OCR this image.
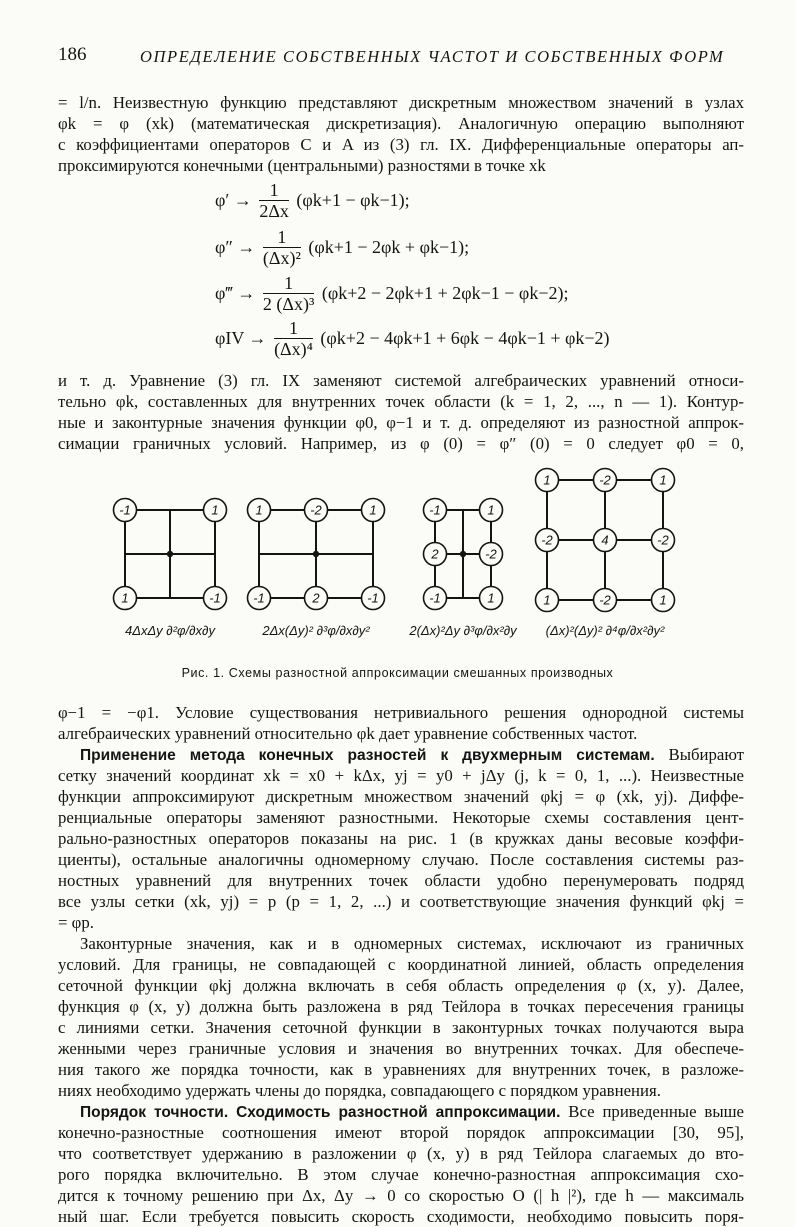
186	ОПРЕДЕЛЕНИЕ СОБСТВЕННЫХ ЧАСТОТ И СОБСТВЕННЫХ ФОРМ
= l/n. Неизвестную функцию представляют дискретным множеством значений в узлах
φk = φ (xk) (математическая дискретизация). Аналогичную операцию выполняют
с коэффициентами операторов C и A из (3) гл. IX. Дифференциальные операторы ап-
проксимируются конечными (центральными) разностями в точке xk
$\varphi' \to \frac{1}{2\Delta x} (\varphi k+1 - \varphi k-1)$;
$\varphi'' \to \frac{1}{\text{(Δx)²}} (\varphi k+1 - 2\varphi k + \varphi k-1)$;
φ‴ → $\frac{1}{\text{2 (Δx)³}} (\varphi k+2 - 2\varphi k+1 + 2\varphi k-1 - \varphi k-2)$;
$\varphi IV \to \frac{1}{\text{(Δx)⁴}} (\varphi k+2 - 4\varphi k+1 + 6\varphi k - 4\varphi k-1 + \varphi k-2)$
и т. д. Уравнение (3) гл. IX заменяют системой алгебраических уравнений относи-
тельно φk, составленных для внутренних точек области (k = 1, 2, ..., n — 1). Контур-
ные и законтурные значения функции φ0, φ−1 и т. д. определяют из разностной аппрок-
симации граничных условий. Например, из φ (0) = φ″ (0) = 0 следует φ0 = 0,
-1	1
1	-1
1	-2	1
-1	2	-1
-1	1
2	-2
-1	1
1	-2	1
-2	4	-2
1	-2	1
4ΔxΔy ∂²φ/∂x∂y	2Δx(Δy)² ∂³φ/∂x∂y²	2(Δx)²Δy ∂³φ/∂x²∂y (Δx)²(Δy)² ∂⁴φ/∂x²∂y²
Рис. 1. Схемы разностной аппроксимации смешанных производных
φ−1 = −φ1. Условие существования нетривиального решения однородной системы
алгебраических уравнений относительно φk дает уравнение собственных частот.
Применение метода конечных разностей к двухмерным системам. Выбирают
сетку значений координат xk = x0 + kΔx, yj = y0 + jΔy (j, k = 0, 1, ...). Неизвестные
функции аппроксимируют дискретным множеством значений φkj = φ (xk, yj). Диффе-
ренциальные операторы заменяют разностными. Некоторые схемы составления цент-
рально-разностных операторов показаны на рис. 1 (в кружках даны весовые коэффи-
циенты), остальные аналогичны одномерному случаю. После составления системы раз-
ностных уравнений для внутренних точек области удобно перенумеровать подряд
все узлы сетки (xk, yj) = p (p = 1, 2, ...) и соответствующие значения функций φkj =
= φp.
Законтурные значения, как и в одномерных системах, исключают из граничных
условий. Для границы, не совпадающей с координатной линией, область определения
сеточной функции φkj должна включать в себя область определения φ (x, y). Далее,
функция φ (x, y) должна быть разложена в ряд Тейлора в точках пересечения границы
с линиями сетки. Значения сеточной функции в законтурных точках получаются выра
женными через граничные условия и значения во внутренних точках. Для обеспече-
ния такого же порядка точности, как в уравнениях для внутренних точек, в разложе-
ниях необходимо удержать члены до порядка, совпадающего с порядком уравнения.
Порядок точности. Сходимость разностной аппроксимации. Все приведенные выше
конечно-разностные соотношения имеют второй порядок аппроксимации [30, 95],
что соответствует удержанию в разложении φ (x, y) в ряд Тейлора слагаемых до вто-
рого порядка включительно. В этом случае конечно-разностная аппроксимация схо-
дится к точному решению при Δx, Δy → 0 со скоростью O (| h |²), где h — максималь
ный шаг. Если требуется повысить скорость сходимости, необходимо повысить поря-
